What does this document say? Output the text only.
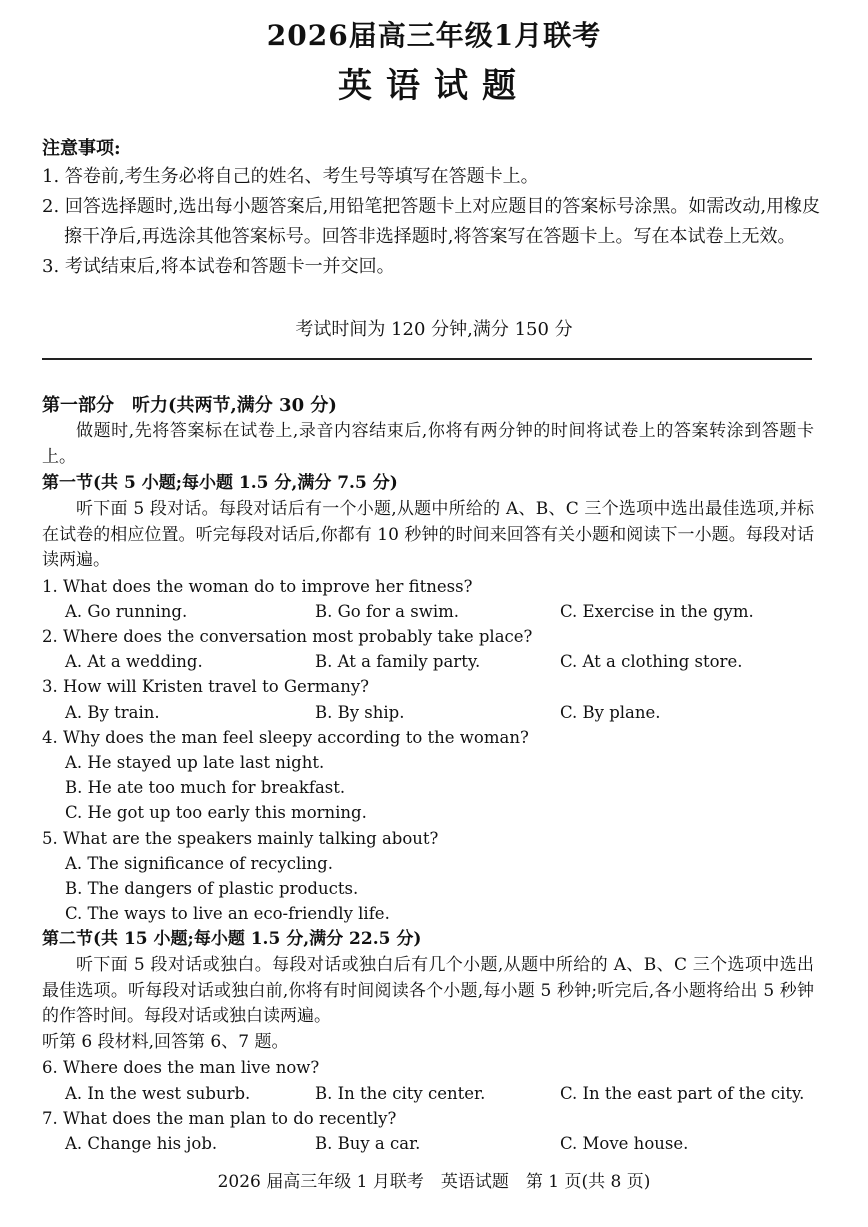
2026届高三年级1月联考
英语试题
注意事项:
1. 答卷前,考生务必将自己的姓名、考生号等填写在答题卡上。
2. 回答选择题时,选出每小题答案后,用铅笔把答题卡上对应题目的答案标号涂黑。如需改动,用橡皮擦干净后,再选涂其他答案标号。回答非选择题时,将答案写在答题卡上。写在本试卷上无效。
3. 考试结束后,将本试卷和答题卡一并交回。
考试时间为 120 分钟,满分 150 分
第一部分　听力(共两节,满分 30 分)
做题时,先将答案标在试卷上,录音内容结束后,你将有两分钟的时间将试卷上的答案转涂到答题卡上。
第一节(共 5 小题;每小题 1.5 分,满分 7.5 分)
听下面 5 段对话。每段对话后有一个小题,从题中所给的 A、B、C 三个选项中选出最佳选项,并标在试卷的相应位置。听完每段对话后,你都有 10 秒钟的时间来回答有关小题和阅读下一小题。每段对话读两遍。
1. What does the woman do to improve her fitness?
A. Go running.	B. Go for a swim.	C. Exercise in the gym.
2. Where does the conversation most probably take place?
A. At a wedding.	B. At a family party.	C. At a clothing store.
3. How will Kristen travel to Germany?
A. By train.	B. By ship.	C. By plane.
4. Why does the man feel sleepy according to the woman?
A. He stayed up late last night.
B. He ate too much for breakfast.
C. He got up too early this morning.
5. What are the speakers mainly talking about?
A. The significance of recycling.
B. The dangers of plastic products.
C. The ways to live an eco-friendly life.
第二节(共 15 小题;每小题 1.5 分,满分 22.5 分)
听下面 5 段对话或独白。每段对话或独白后有几个小题,从题中所给的 A、B、C 三个选项中选出最佳选项。听每段对话或独白前,你将有时间阅读各个小题,每小题 5 秒钟;听完后,各小题将给出 5 秒钟的作答时间。每段对话或独白读两遍。
听第 6 段材料,回答第 6、7 题。
6. Where does the man live now?
A. In the west suburb.	B. In the city center.	C. In the east part of the city.
7. What does the man plan to do recently?
A. Change his job.	B. Buy a car.	C. Move house.
2026 届高三年级 1 月联考　英语试题　第 1 页(共 8 页)
